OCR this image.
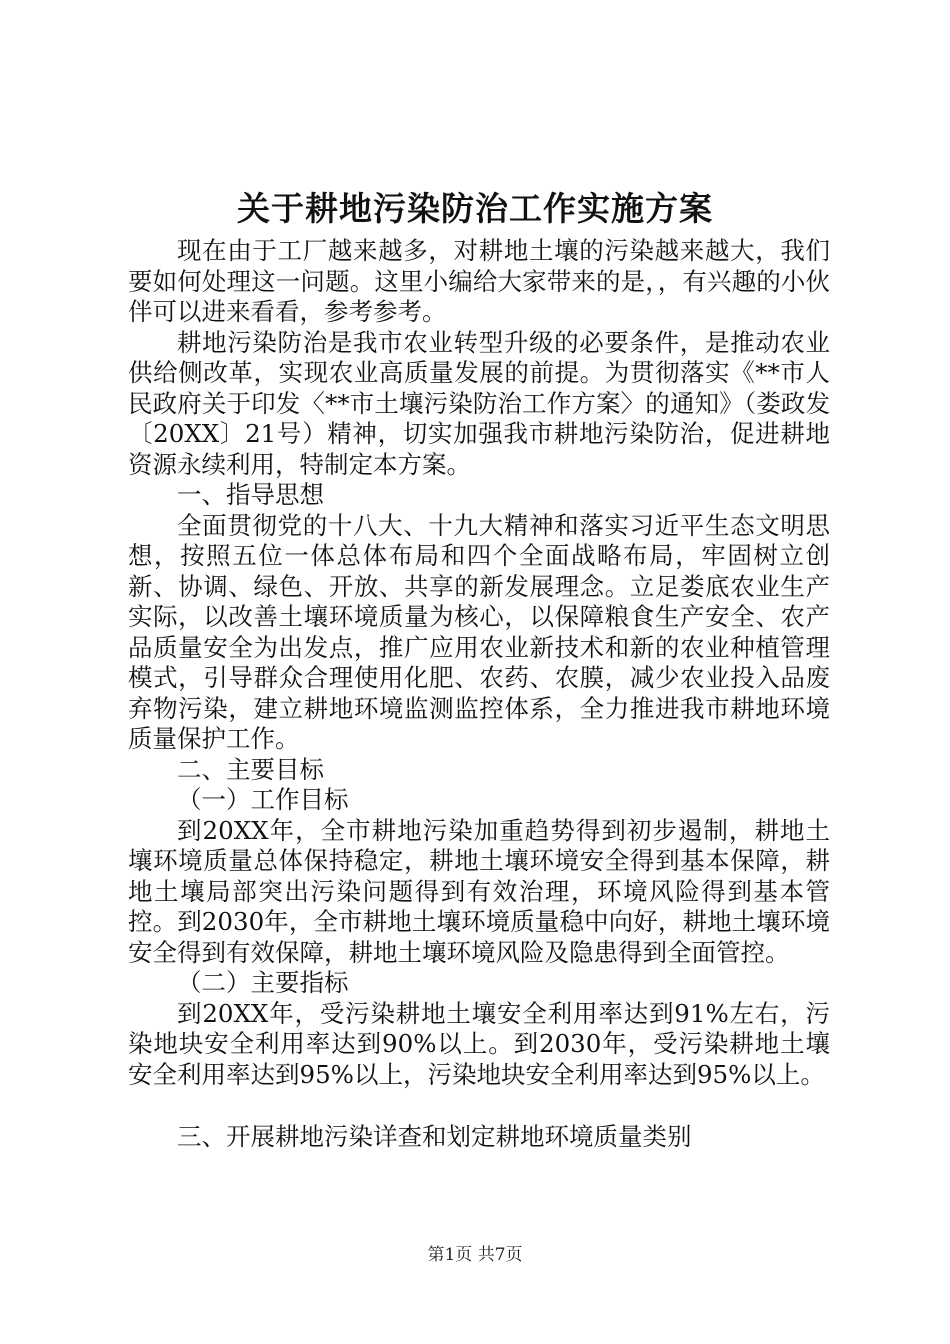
关于耕地污染防治工作实施方案

现在由于工厂越来越多，对耕地土壤的污染越来越大，我们要如何处理这一问题。这里小编给大家带来的是，，有兴趣的小伙伴可以进来看看，参考参考。

耕地污染防治是我市农业转型升级的必要条件，是推动农业供给侧改革，实现农业高质量发展的前提。为贯彻落实《**市人民政府关于印发〈**市土壤污染防治工作方案〉的通知》（娄政发〔20XX〕21号）精神，切实加强我市耕地污染防治，促进耕地资源永续利用，特制定本方案。

一、指导思想

全面贯彻党的十八大、十九大精神和落实习近平生态文明思想，按照五位一体总体布局和四个全面战略布局，牢固树立创新、协调、绿色、开放、共享的新发展理念。立足娄底农业生产实际，以改善土壤环境质量为核心，以保障粮食生产安全、农产品质量安全为出发点，推广应用农业新技术和新的农业种植管理模式，引导群众合理使用化肥、农药、农膜，减少农业投入品废弃物污染，建立耕地环境监测监控体系，全力推进我市耕地环境质量保护工作。

二、主要目标

（一）工作目标

到20XX年，全市耕地污染加重趋势得到初步遏制，耕地土壤环境质量总体保持稳定，耕地土壤环境安全得到基本保障，耕地土壤局部突出污染问题得到有效治理，环境风险得到基本管控。到2030年，全市耕地土壤环境质量稳中向好，耕地土壤环境安全得到有效保障，耕地土壤环境风险及隐患得到全面管控。

（二）主要指标

到20XX年，受污染耕地土壤安全利用率达到91%左右，污染地块安全利用率达到90%以上。到2030年，受污染耕地土壤安全利用率达到95%以上，污染地块安全利用率达到95%以上。

三、开展耕地污染详查和划定耕地环境质量类别

第1页 共7页
